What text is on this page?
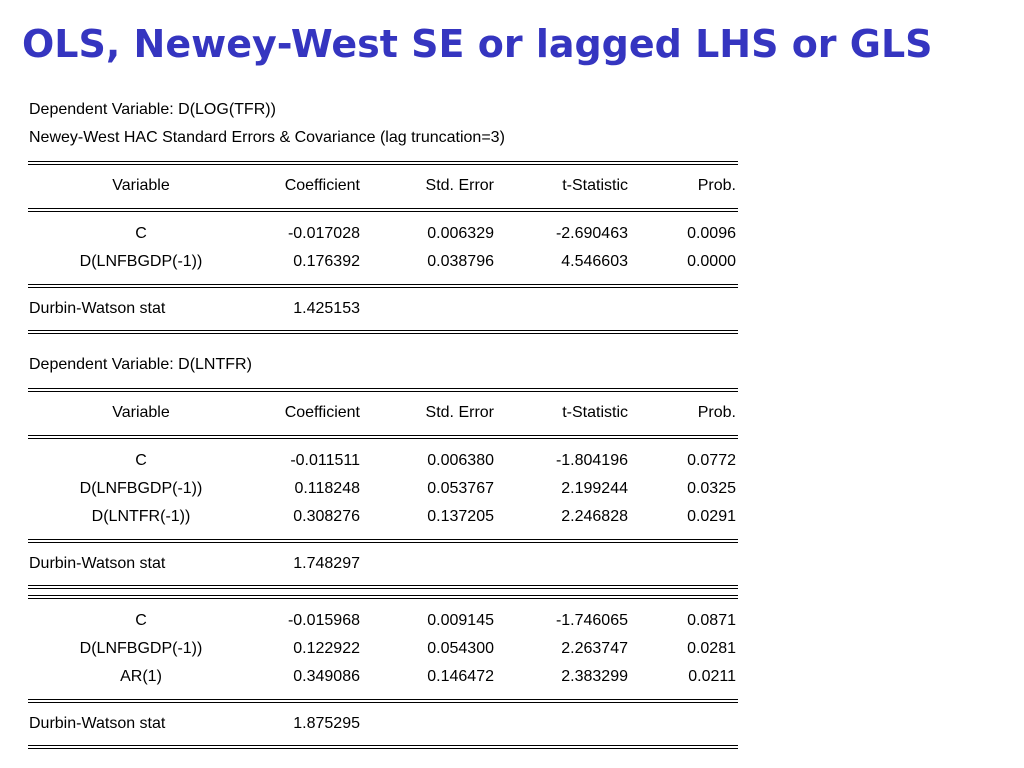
OLS, Newey-West SE or lagged LHS or GLS
Dependent Variable: D(LOG(TFR))
Newey-West HAC Standard Errors & Covariance (lag truncation=3)
Variable	Coefficient	Std. Error	t-Statistic	Prob.
C	-0.017028	0.006329	-2.690463	0.0096
D(LNFBGDP(-1))	0.176392	0.038796	4.546603	0.0000
Durbin-Watson stat	1.425153
Dependent Variable: D(LNTFR)
Variable	Coefficient	Std. Error	t-Statistic	Prob.
C	-0.011511	0.006380	-1.804196	0.0772
D(LNFBGDP(-1))	0.118248	0.053767	2.199244	0.0325
D(LNTFR(-1))	0.308276	0.137205	2.246828	0.0291
Durbin-Watson stat	1.748297
C	-0.015968	0.009145	-1.746065	0.0871
D(LNFBGDP(-1))	0.122922	0.054300	2.263747	0.0281
AR(1)	0.349086	0.146472	2.383299	0.0211
Durbin-Watson stat	1.875295
